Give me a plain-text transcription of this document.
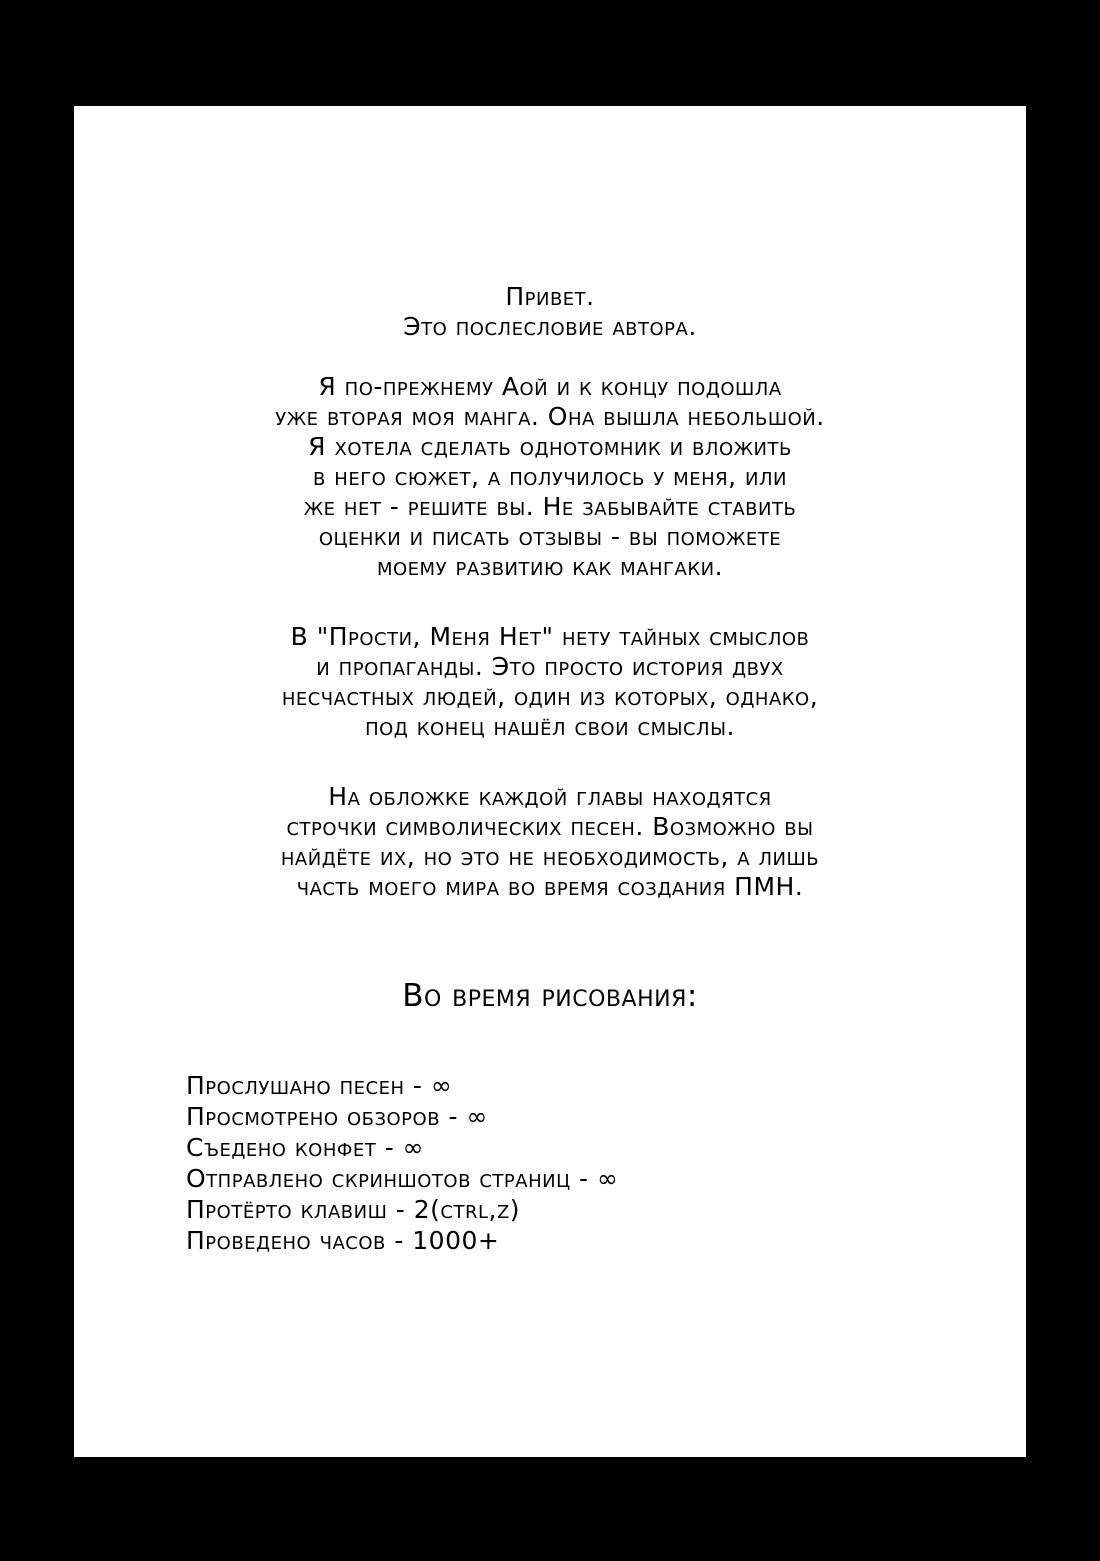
Привет.
Это послесловие автора.
Я по-прежнему Аой и к концу подошла
уже вторая моя манга. Она вышла небольшой.
Я хотела сделать однотомник и вложить
в него сюжет, а получилось у меня, или
же нет - решите вы. Не забывайте ставить
оценки и писать отзывы - вы поможете
моему развитию как мангаки.
В "Прости, Меня Нет" нету тайных смыслов
и пропаганды. Это просто история двух
несчастных людей, один из которых, однако,
под конец нашёл свои смыслы.
На обложке каждой главы находятся
строчки символических песен. Возможно вы
найдёте их, но это не необходимость, а лишь
часть моего мира во время создания ПМН.
Во время рисования:
Прослушано песен - ∞
Просмотрено обзоров - ∞
Съедено конфет - ∞
Отправлено скриншотов страниц - ∞
Протёрто клавиш - 2(ctrl,z)
Проведено часов - 1000+
